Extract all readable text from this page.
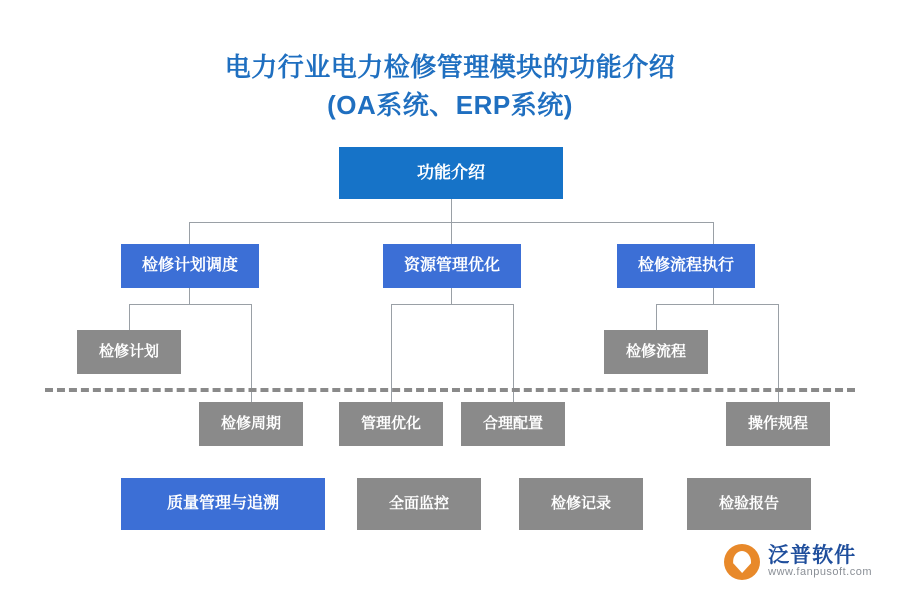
电力行业电力检修管理模块的功能介绍
(OA系统、ERP系统)
功能介绍
检修计划调度	资源管理优化	检修流程执行
检修计划	检修流程
检修周期	管理优化	合理配置	操作规程
质量管理与追溯	全面监控	检修记录	检验报告
泛普软件
www.fanpusoft.com
